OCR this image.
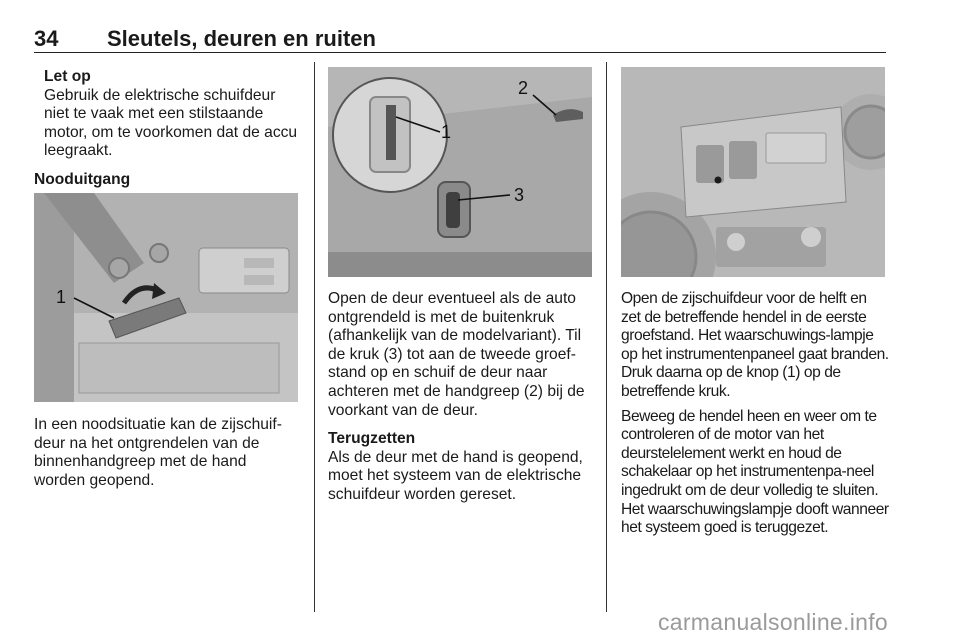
34 Sleutels, deuren en ruiten

Let op

Gebruik de elektrische schuifdeur niet te vaak met een stilstaande motor, om te voorkomen dat de accu leegraakt.

Nooduitgang

1

In een noodsituatie kan de zijschuif-deur na het ontgrendelen van de binnenhandgreep met de hand worden geopend.

1
2
3

Open de deur eventueel als de auto ontgrendeld is met de buitenkruk (afhankelijk van de modelvariant). Til de kruk (3) tot aan de tweede groef-stand op en schuif de deur naar achteren met de handgreep (2) bij de voorkant van de deur.

Terugzetten

Als de deur met de hand is geopend, moet het systeem van de elektrische schuifdeur worden gereset.

Open de zijschuifdeur voor de helft en zet de betreffende hendel in de eerste groefstand. Het waarschuwings-lampje op het instrumentenpaneel gaat branden. Druk daarna op de knop (1) op de betreffende kruk.

Beweeg de hendel heen en weer om te controleren of de motor van het deurstelelement werkt en houd de schakelaar op het instrumentenpa-neel ingedrukt om de deur volledig te sluiten. Het waarschuwingslampje dooft wanneer het systeem goed is teruggezet.

carmanualsonline.info
